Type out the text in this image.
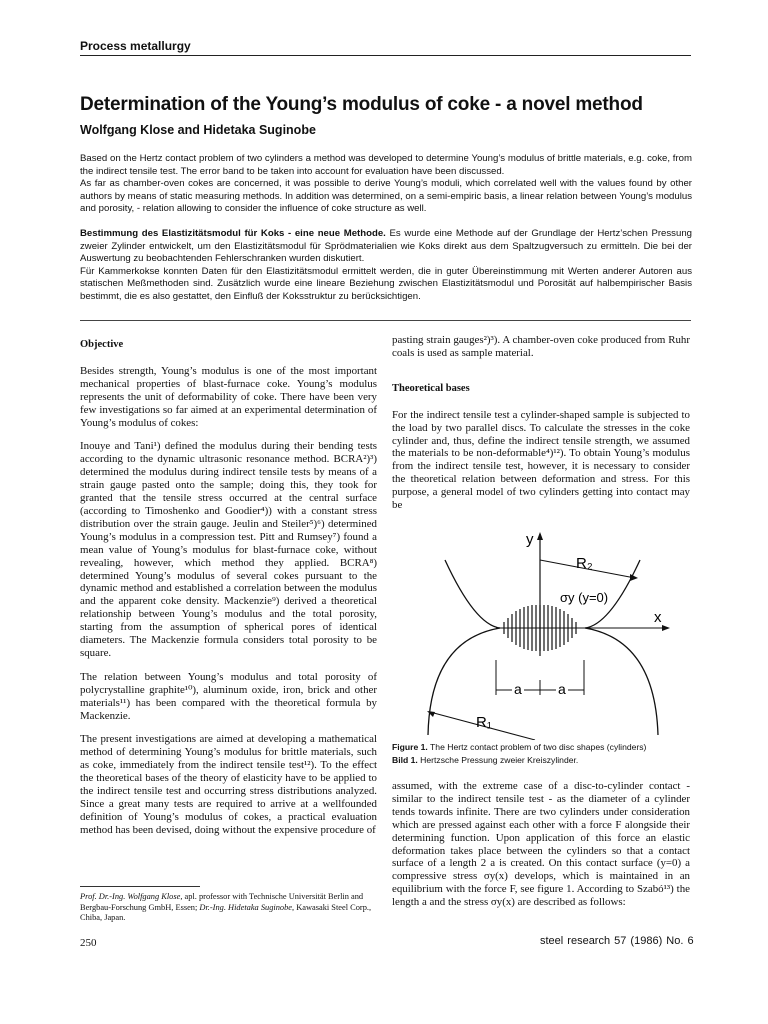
Process metallurgy
Determination of the Young’s modulus of coke - a novel method
Wolfgang Klose and Hidetaka Suginobe

Based on the Hertz contact problem of two cylinders a method was developed to determine Young’s modulus of brittle materials, e.g. coke, from the indirect tensile test. The error band to be taken into account for evaluation have been discussed.

As far as chamber-oven cokes are concerned, it was possible to derive Young’s moduli, which correlated well with the values found by other authors by means of static measuring methods. In addition was determined, on a semi-empiric basis, a linear relation between Young’s modulus and porosity, - relation allowing to consider the influence of coke structure as well.

Bestimmung des Elastizitätsmodul für Koks - eine neue Methode. Es wurde eine Methode auf der Grundlage der Hertz’schen Pressung zweier Zylinder entwickelt, um den Elastizitätsmodul für Sprödmaterialien wie Koks direkt aus dem Spaltzugversuch zu ermitteln. Die bei der Auswertung zu beobachtenden Fehlerschranken wurden diskutiert.

Für Kammerkokse konnten Daten für den Elastizitätsmodul ermittelt werden, die in guter Übereinstimmung mit Werten anderer Autoren aus statischen Meßmethoden sind. Zusätzlich wurde eine lineare Beziehung zwischen Elastizitätsmodul und Porosität auf halbempirischer Basis bestimmt, die es also gestattet, den Einfluß der Koksstruktur zu berücksichtigen.

Objective

Besides strength, Young’s modulus is one of the most important mechanical properties of blast-furnace coke. Young’s modulus represents the unit of deformability of coke. There have been very few investigations so far aimed at an experimental determination of Young’s modulus of cokes:

Inouye and Tani¹) defined the modulus during their bending tests according to the dynamic ultrasonic resonance method. BCRA²)³) determined the modulus during indirect tensile tests by means of a strain gauge pasted onto the sample; doing this, they took for granted that the tensile stress occurred at the central surface (according to Timoshenko and Goodier⁴)) with a constant stress distribution over the strain gauge. Jeulin and Steiler⁵)⁶) determined Young’s modulus in a compression test. Pitt and Rumsey⁷) found a mean value of Young’s modulus for blast-furnace coke, without revealing, however, which method they applied. BCRA⁸) determined Young’s modulus of several cokes pursuant to the dynamic method and established a correlation between the modulus and the apparent coke density. Mackenzie⁹) derived a theoretical relationship between Young’s modulus and the total porosity, starting from the assumption of spherical pores of identical diameters. The Mackenzie formula considers total porosity to be square.

The relation between Young’s modulus and total porosity of polycrystalline graphite¹⁰), aluminum oxide, iron, brick and other materials¹¹) has been compared with the theoretical formula by Mackenzie.

The present investigations are aimed at developing a mathematical method of determining Young’s modulus for brittle materials, such as coke, immediately from the indirect tensile test¹²). To the effect the theoretical bases of the theory of elasticity have to be applied to the indirect tensile test and occurring stress distributions analyzed. Since a great many tests are required to arrive at a wellfounded definition of Young’s modulus of cokes, a practical evaluation method has been devised, doing without the expensive procedure of

pasting strain gauges²)³). A chamber-oven coke produced from Ruhr coals is used as sample material.

Theoretical bases

For the indirect tensile test a cylinder-shaped sample is subjected to the load by two parallel discs. To calculate the stresses in the coke cylinder and, thus, define the indirect tensile strength, we assumed the materials to be non-deformable⁴)¹²). To obtain Young’s modulus from the indirect tensile test, however, it is necessary to consider the theoretical relation between deformation and stress. For this purpose, a general model of two cylinders getting into contact may be

y
x
R₂
σy (y=0)
a	a
R₁
Figure 1. The Hertz contact problem of two disc shapes (cylinders)
Bild 1. Hertzsche Pressung zweier Kreiszylinder.

assumed, with the extreme case of a disc-to-cylinder contact - similar to the indirect tensile test - as the diameter of a cylinder tends towards infinite. There are two cylinders under consideration which are pressed against each other with a force F alongside their determining function. Upon application of this force an elastic deformation takes place between the cylinders so that a contact surface of a length 2 a is created. On this contact surface (y=0) a compressive stress σy(x) develops, which is maintained in an equilibrium with the force F, see figure 1. According to Szabó¹³) the length a and the stress σy(x) are described as follows:

Prof. Dr.-Ing. Wolfgang Klose, apl. professor with Technische Universität Berlin and Bergbau-Forschung GmbH, Essen; Dr.-Ing. Hidetaka Suginobe, Kawasaki Steel Corp., Chiba, Japan.
250	steel research 57 (1986) No. 6
